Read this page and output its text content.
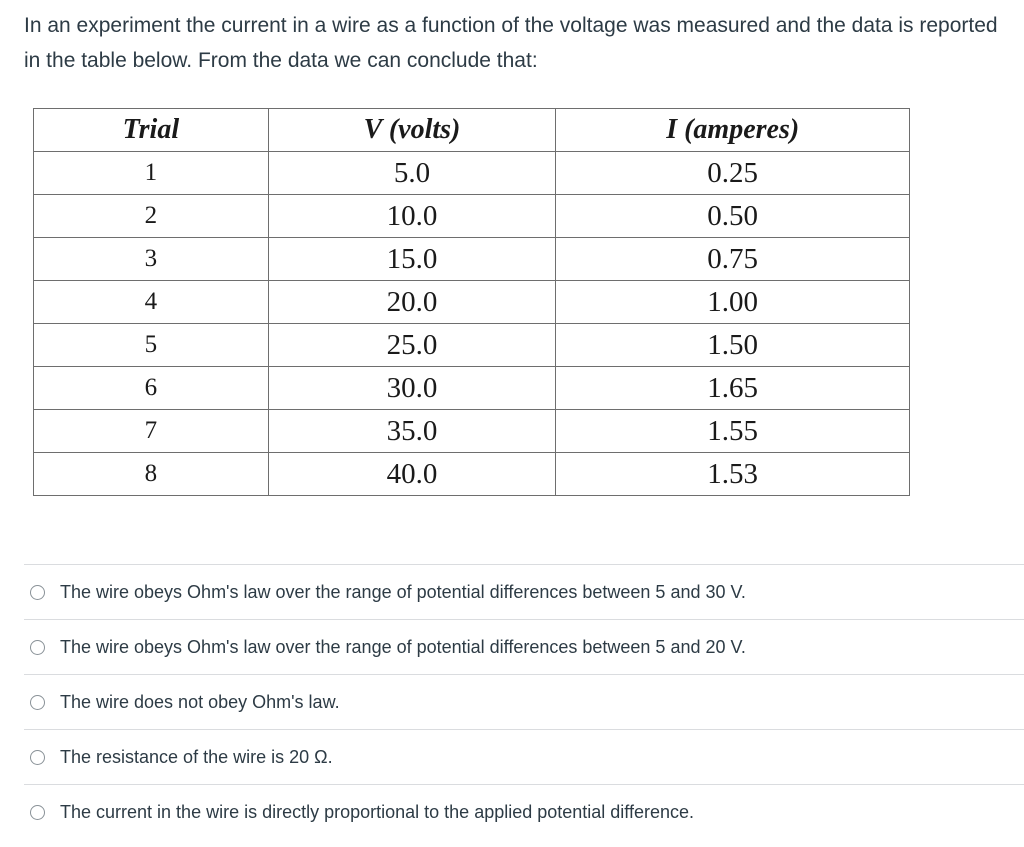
In an experiment the current in a wire as a function of the voltage was measured and the data is reported in the table below. From the data we can conclude that:

Trial	V (volts)	I (amperes)
1	5.0	0.25
2	10.0	0.50
3	15.0	0.75
4	20.0	1.00
5	25.0	1.50
6	30.0	1.65
7	35.0	1.55
8	40.0	1.53
The wire obeys Ohm's law over the range of potential differences between 5 and 30 V.
The wire obeys Ohm's law over the range of potential differences between 5 and 20 V.
The wire does not obey Ohm's law.
The resistance of the wire is 20 Ω.
The current in the wire is directly proportional to the applied potential difference.
